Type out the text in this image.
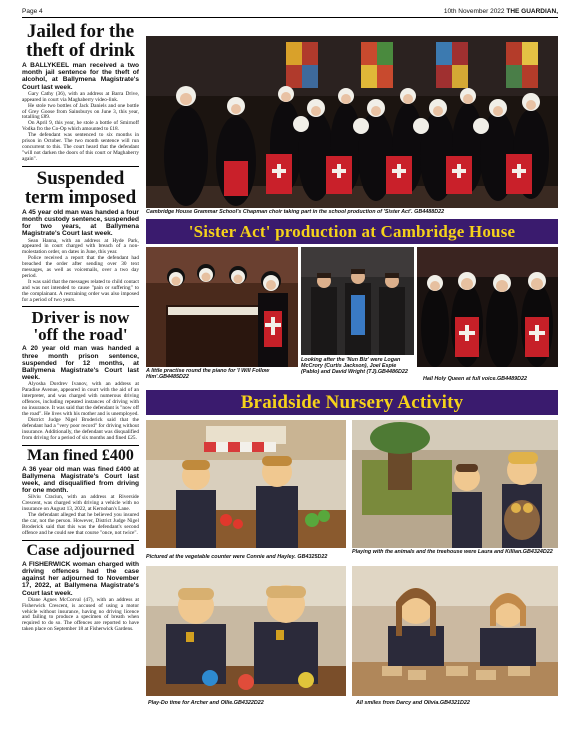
Page 4	10th November 2022 THE GUARDIAN,
Jailed for the theft of drink
A BALLYKEEL man received a two month jail sentence for the theft of alcohol, at Ballymena Magistrate's Court last week.

Gary Cathy (36), with an address at Barra Drive, appeared in court via Maghaberry video-link.

He stole two bottles of Jack Daniels and one bottle of Grey Goose from Sainsburys on June 3, this year, totalling £89.

On April 9, this year, he stole a bottle of Smirnoff Vodka fro the Co-Op which amounted to £18.

The defendant was sentenced to six months in prison in October. The two month sentence will run concurrent to this. The court heard that the defendant "will not darken the doors of this court or Maghaberry again".

Suspended term imposed
A 45 year old man was handed a four month custody sentence, suspended for two years, at Ballymena Magistrate's Court last week.

Sean Hanna, with an address at Hyde Park, appeared in court charged with breach of a non-molestation order, on dates in June, this year.

Police received a report that the defendant had breached the order after sending over 30 text messages, as well as voicemails, over a two day period.

It was said that the messages related to child contact and was not intended to cause "pain or suffering" to the complainant. A restraining order was also imposed for a period of two years.

Driver is now 'off the road'
A 20 year old man was handed a three month prison sentence, suspended for 12 months, at Ballymena Magistrate's Court last week.

Alyosha Dordrev Ivanov, with an address at Paradise Avenue, appeared in court with the aid of an interpreter, and was charged with numerous driving offences, including repeated instances of driving with no insurance. It was said that the defendant is "now off the road". He lives with his mother and is unemployed.

District Judge Nigel Broderick said that the defendant had a "very poor record" for driving without insurance. Additionally, the defendant was disqualified from driving for a period of six months and fined £25.

Man fined £400
A 36 year old man was fined £400 at Ballymena Magistrate's Court last week, and disqualified from driving for one month.

Silviu Craciun, with an address at Riverside Crescent, was charged with driving a vehicle with no insurance on August 13, 2022, at Kernohan's Lane.

The defendant alleged that he believed you insured the car, not the person. However, District Judge Nigel Broderick said that this was the defendant's second offence and he could see that course "once, not twice".

Case adjourned
A FISHERWICK woman charged with driving offences had the case against her adjourned to November 17, 2022, at Ballymena Magistrate's Court last week.

Diane Agnes McCorval (47), with an address at Fisherwick Crescent, is accused of using a motor vehicle without insurance, having no driving licence and failing to produce a specimen of breath when required to do so. The offences are reported to have taken place on September 18 at Fisherwick Gardens.

Cambridge House Grammar School's Chapman choir taking part in the school production of 'Sister Act'. GB4488D22
'Sister Act' production at Cambridge House
A little practise round the piano for 'I Will Follow Him'.GB4485D22
Looking after the 'Nun Biz' were Logan McCrory (Curtis Jackson), Joel Espie (Pablo) and David Wright (TJ).GB4486D22
Hail Holy Queen at full voice.GB4489D22
Braidside Nursery Activity
Pictured at the vegetable counter were Connie and Hayley. GB4325D22
Playing with the animals and the treehouse were Laura and Killian.GB4324D22
Play-Do time for Archer and Ollie.GB4322D22	All smiles from Darcy and Olivia.GB4321D22
